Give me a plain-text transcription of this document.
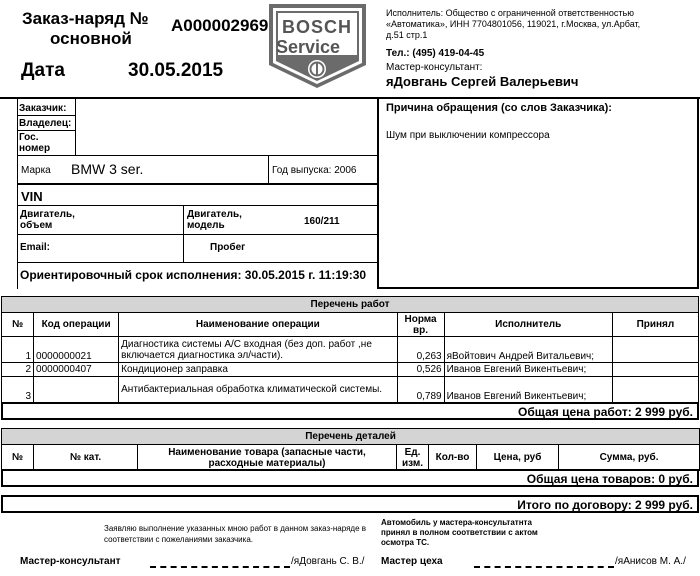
Заказ-наряд №
основной
A000002969
Дата	30.05.2015
BOSCH
Service
Исполнитель: Общество с ограниченной ответственностью
«Автоматика», ИНН 7704801056, 119021, г.Москва, ул.Арбат,
д.51 стр.1
Тел.: (495) 419-04-45
Мастер-консультант:
яДовгань Сергей Валерьевич
Заказчик:
Владелец:
Гос.
номер
Марка BMW 3 ser.	Год выпуска: 2006
VIN
Двигатель,
объем
Двигатель,
модель	160/211
Email:	Пробег
Ориентировочный срок исполнения: 30.05.2015 г. 11:19:30
Причина обращения (со слов Заказчика):
Шум при выключении компрессора
Перечень работ					
№	Код операции	Наименование операции	Норма вр.	Исполнитель	Принял
1	0000000021	Диагностика системы A/C входная (без доп. работ ,не включается диагностика эл/части).	0,263	яВойтович Андрей Витальевич;	
2	0000000407	Кондиционер заправка	0,526	Иванов Евгений Викентьевич;	
3		Антибактериальная обработка климатической системы.	0,789	Иванов Евгений Викентьевич;	
Общая цена работ: 2 999 руб.
Перечень деталей
№	№ кат.	Наименование товара (запасные части, расходные материалы)	Ед. изм.	Кол-во	Цена, руб	Сумма, руб.
Общая цена товаров: 0 руб.
Итого по договору: 2 999 руб.
Заявляю выполнение указанных мною работ в данном заказ-наряде в
соответствии с пожеланиями заказчика.
Автомобиль у мастера-консультатнта
принял в полном соответствии с актом
осмотра ТС.
Мастер-консультант	/яДовгань С. В./ Мастер цеха	/яАнисов М. А./
